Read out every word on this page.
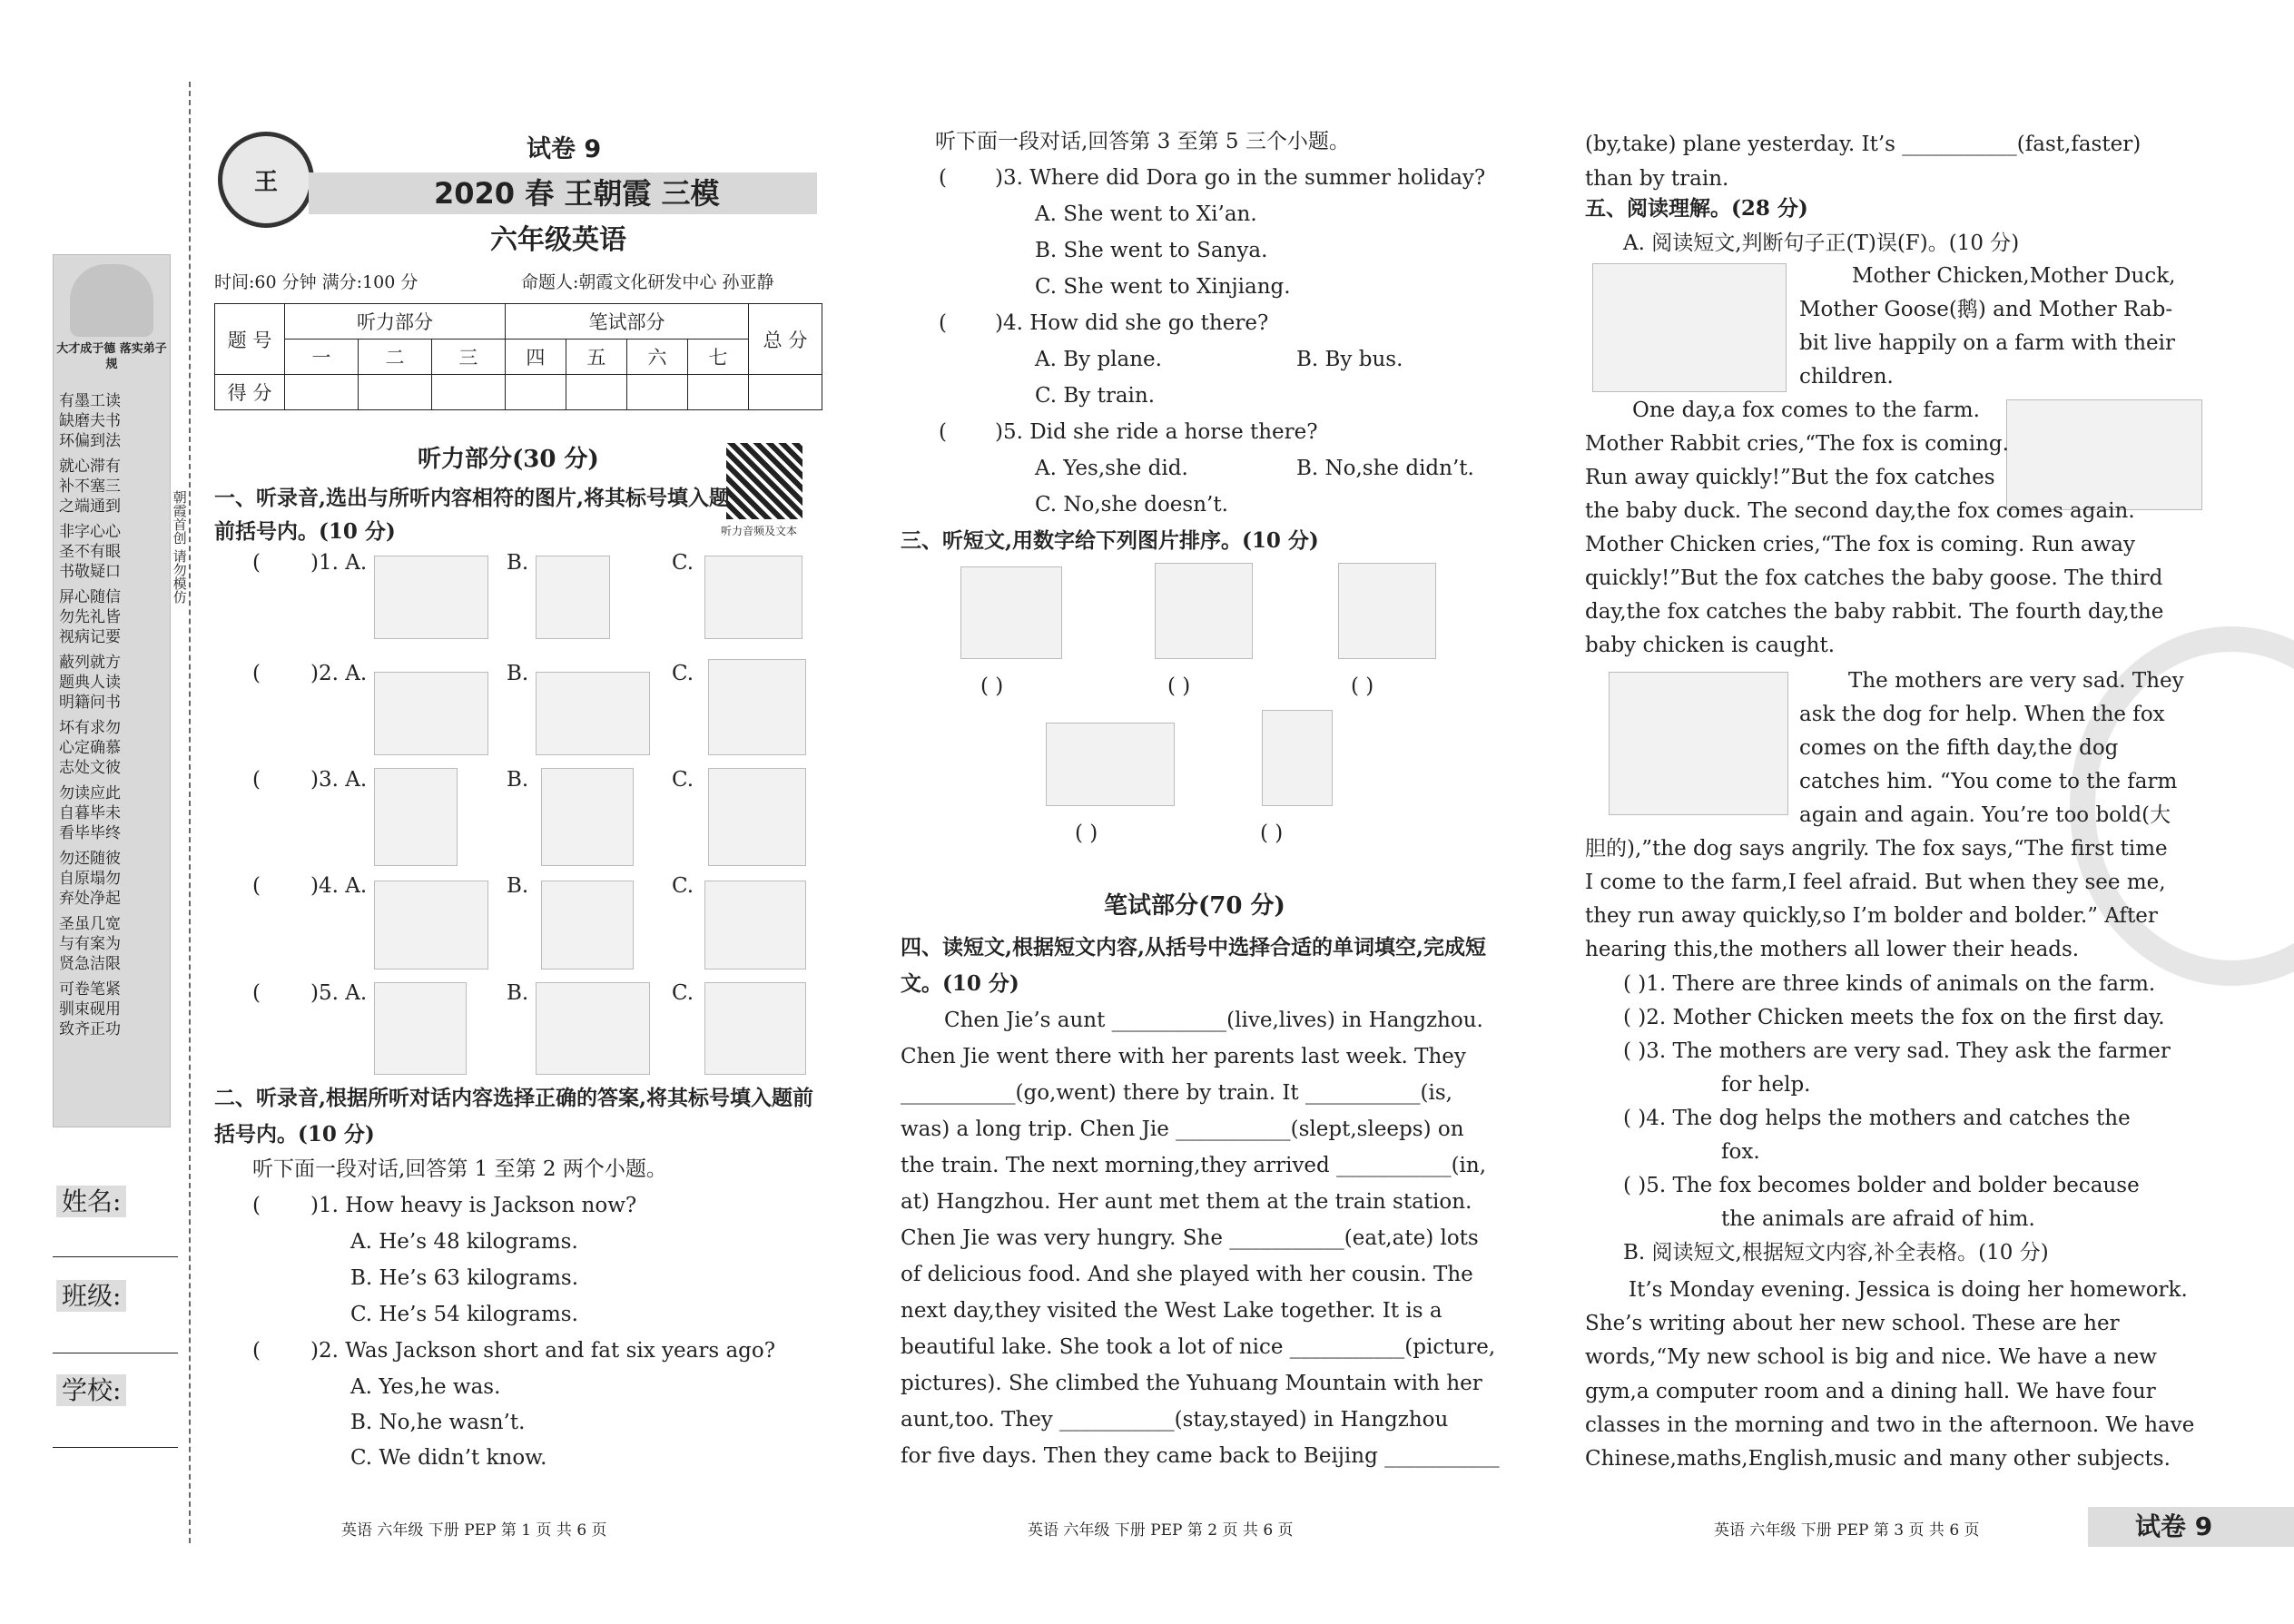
大才成于德 落实弟子规
有墨工读
缺磨夫书
环偏到法
就心滞有
补不塞三
之端通到
非字心心
圣不有眼
书敬疑口
屏心随信
勿先礼皆
视病记要
蔽列就方
题典人读
明籍问书
坏有求勿
心定确慕
志处文彼
勿读应此
自暮毕未
看毕毕终
勿还随彼
自原塌勿
弃处净起
圣虽几宽
与有案为
贤急洁限
可卷笔紧
驯束砚用
致齐正功
姓名:
班级:
学校:
朝霞首创 请勿模仿
王
试卷 9
2020 春 王朝霞 三模
六年级英语
时间:60 分钟 满分:100 分	命题人:朝霞文化研发中心 孙亚静
题 号	听力部分			笔试部分				总 分
	一	二	三	四	五	六	七	
得 分								
听力部分(30 分)
听力音频及文本
一、听录音,选出与所听内容相符的图片,将其标号填入题前括号内。(10 分)
( )1. A.	B.	C.
( )2. A.	B.	C.
( )3. A.	B.	C.
( )4. A.	B.	C.
( )5. A.	B.	C.
二、听录音,根据所听对话内容选择正确的答案,将其标号填入题前括号内。(10 分)
听下面一段对话,回答第 1 至第 2 两个小题。
( )1. How heavy is Jackson now?
A. He’s 48 kilograms.
B. He’s 63 kilograms.
C. He’s 54 kilograms.
( )2. Was Jackson short and fat six years ago?
A. Yes,he was.
B. No,he wasn’t.
C. We didn’t know.
英语 六年级 下册 PEP 第 1 页 共 6 页
听下面一段对话,回答第 3 至第 5 三个小题。
( )3. Where did Dora go in the summer holiday?
A. She went to Xi’an.
B. She went to Sanya.
C. She went to Xinjiang.
( )4. How did she go there?
A. By plane.	B. By bus.
C. By train.
( )5. Did she ride a horse there?
A. Yes,she did.	B. No,she didn’t.
C. No,she doesn’t.
三、听短文,用数字给下列图片排序。(10 分)
( )	( )	( )
( )	( )
笔试部分(70 分)
四、读短文,根据短文内容,从括号中选择合适的单词填空,完成短文。(10 分)
Chen Jie’s aunt ___________(live,lives) in Hangzhou.
Chen Jie went there with her parents last week. They
___________(go,went) there by train. It ___________(is,
was) a long trip. Chen Jie ___________(slept,sleeps) on
the train. The next morning,they arrived ___________(in,
at) Hangzhou. Her aunt met them at the train station.
Chen Jie was very hungry. She ___________(eat,ate) lots
of delicious food. And she played with her cousin. The
next day,they visited the West Lake together. It is a
beautiful lake. She took a lot of nice ___________(picture,
pictures). She climbed the Yuhuang Mountain with her
aunt,too. They ___________(stay,stayed) in Hangzhou
for five days. Then they came back to Beijing ___________
英语 六年级 下册 PEP 第 2 页 共 6 页
(by,take) plane yesterday. It’s ___________(fast,faster)
than by train.
五、阅读理解。(28 分)
A. 阅读短文,判断句子正(T)误(F)。(10 分)
Mother Chicken,Mother Duck,
Mother Goose(鹅) and Mother Rab-
bit live happily on a farm with their
children.
One day,a fox comes to the farm.
Mother Rabbit cries,“The fox is coming.
Run away quickly!”But the fox catches
the baby duck. The second day,the fox comes again.
Mother Chicken cries,“The fox is coming. Run away
quickly!”But the fox catches the baby goose. The third
day,the fox catches the baby rabbit. The fourth day,the
baby chicken is caught.
The mothers are very sad. They
ask the dog for help. When the fox
comes on the fifth day,the dog
catches him. “You come to the farm
again and again. You’re too bold(大
胆的),”the dog says angrily. The fox says,“The first time
I come to the farm,I feel afraid. But when they see me,
they run away quickly,so I’m bolder and bolder.” After
hearing this,the mothers all lower their heads.
( )1. There are three kinds of animals on the farm.
( )2. Mother Chicken meets the fox on the first day.
( )3. The mothers are very sad. They ask the farmer
for help.
( )4. The dog helps the mothers and catches the
fox.
( )5. The fox becomes bolder and bolder because
the animals are afraid of him.
B. 阅读短文,根据短文内容,补全表格。(10 分)
It’s Monday evening. Jessica is doing her homework.
She’s writing about her new school. These are her
words,“My new school is big and nice. We have a new
gym,a computer room and a dining hall. We have four
classes in the morning and two in the afternoon. We have
Chinese,maths,English,music and many other subjects.
英语 六年级 下册 PEP 第 3 页 共 6 页	试卷 9
